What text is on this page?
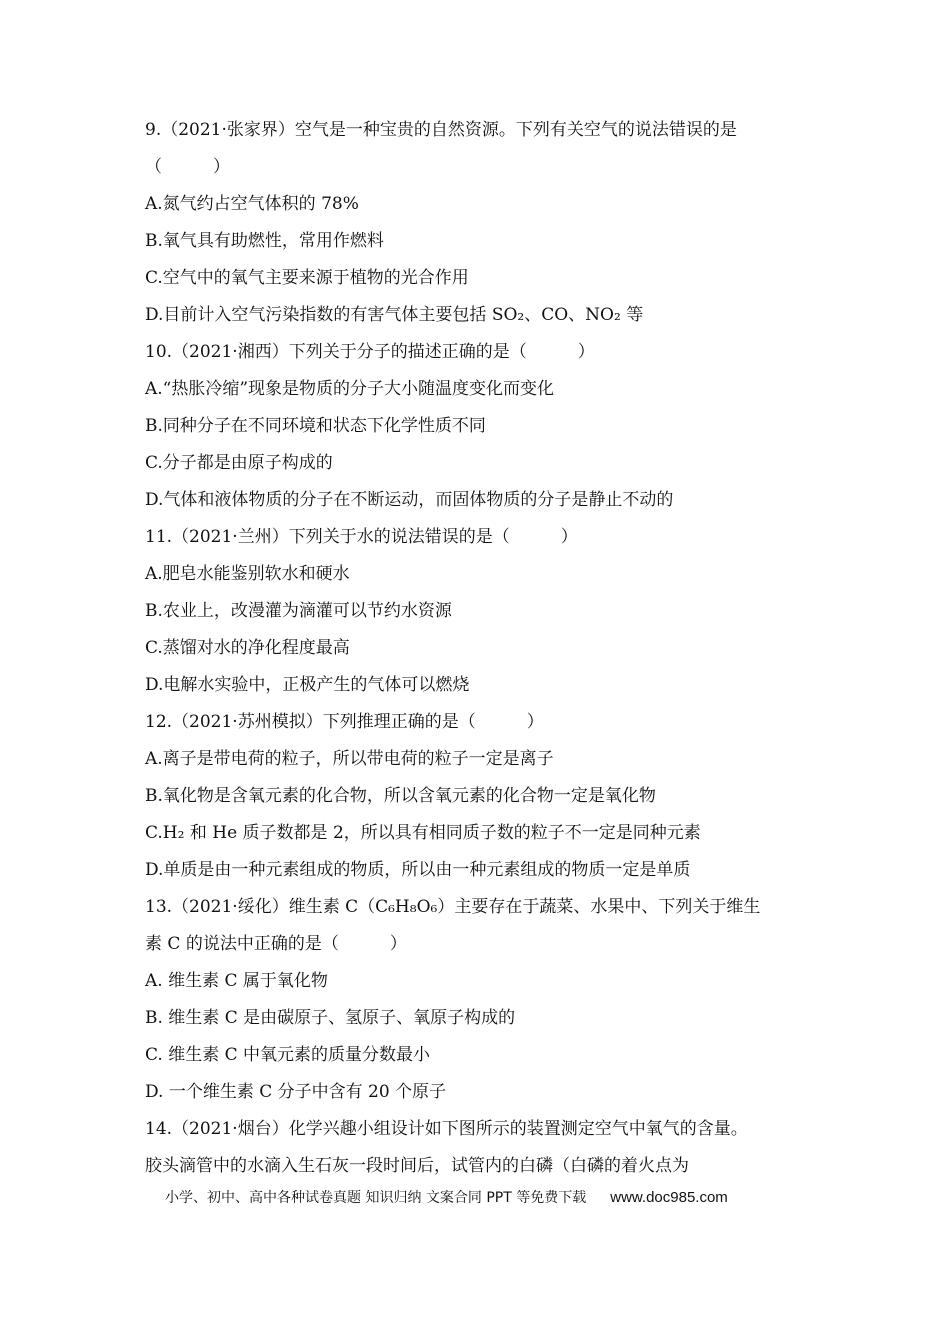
9.（2021·张家界）空气是一种宝贵的自然资源。下列有关空气的说法错误的是
（　　　）
A.氮气约占空气体积的 78%
B.氧气具有助燃性，常用作燃料
C.空气中的氧气主要来源于植物的光合作用
D.目前计入空气污染指数的有害气体主要包括 SO₂、CO、NO₂ 等
10.（2021·湘西）下列关于分子的描述正确的是（　　　）
A.“热胀冷缩”现象是物质的分子大小随温度变化而变化
B.同种分子在不同环境和状态下化学性质不同
C.分子都是由原子构成的
D.气体和液体物质的分子在不断运动，而固体物质的分子是静止不动的
11.（2021·兰州）下列关于水的说法错误的是（　　　）
A.肥皂水能鉴别软水和硬水
B.农业上，改漫灌为滴灌可以节约水资源
C.蒸馏对水的净化程度最高
D.电解水实验中，正极产生的气体可以燃烧
12.（2021·苏州模拟）下列推理正确的是（　　　）
A.离子是带电荷的粒子，所以带电荷的粒子一定是离子
B.氧化物是含氧元素的化合物，所以含氧元素的化合物一定是氧化物
C.H₂ 和 He 质子数都是 2，所以具有相同质子数的粒子不一定是同种元素
D.单质是由一种元素组成的物质，所以由一种元素组成的物质一定是单质
13.（2021·绥化）维生素 C（C₆H₈O₆）主要存在于蔬菜、水果中、下列关于维生
素 C 的说法中正确的是（　　　）
A. 维生素 C 属于氧化物
B. 维生素 C 是由碳原子、氢原子、氧原子构成的
C. 维生素 C 中氧元素的质量分数最小
D. 一个维生素 C 分子中含有 20 个原子
14.（2021·烟台）化学兴趣小组设计如下图所示的装置测定空气中氧气的含量。
胶头滴管中的水滴入生石灰一段时间后，试管内的白磷（白磷的着火点为
小学、初中、高中各种试卷真题 知识归纳 文案合同 PPT 等免费下载 www.doc985.com
